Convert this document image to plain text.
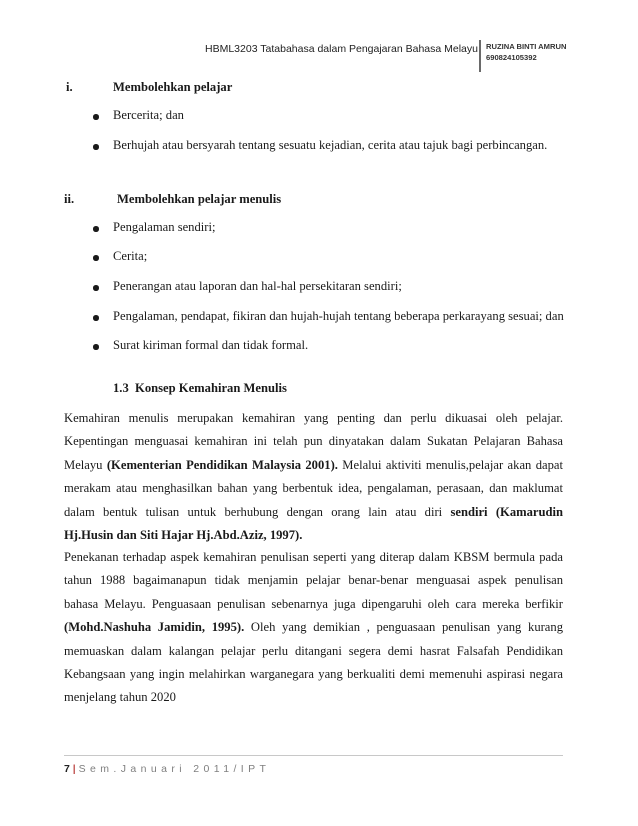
HBML3203 Tatabahasa dalam Pengajaran Bahasa Melayu RUZINA BINTI AMRUN
690824105392
i.	Membolehkan pelajar
Bercerita; dan
Berhujah atau bersyarah tentang sesuatu kejadian, cerita atau tajuk bagi perbincangan.
ii.	Membolehkan pelajar menulis
Pengalaman sendiri;
Cerita;
Penerangan atau laporan dan hal-hal persekitaran sendiri;
Pengalaman, pendapat, fikiran dan hujah-hujah tentang beberapa perkarayang sesuai; dan
Surat kiriman formal dan tidak formal.
1.3 Konsep Kemahiran Menulis
Kemahiran menulis merupakan kemahiran yang penting dan perlu dikuasai oleh pelajar.
Kepentingan menguasai kemahiran ini telah pun dinyatakan dalam Sukatan Pelajaran Bahasa
Melayu (Kementerian Pendidikan Malaysia 2001). Melalui aktiviti menulis,pelajar akan dapat
merakam atau menghasilkan bahan yang berbentuk idea, pengalaman, perasaan, dan maklumat
dalam bentuk tulisan untuk berhubung dengan orang lain atau diri sendiri (Kamarudin
Hj.Husin dan Siti Hajar Hj.Abd.Aziz, 1997).
Penekanan terhadap aspek kemahiran penulisan seperti yang diterap dalam KBSM bermula pada
tahun 1988 bagaimanapun tidak menjamin pelajar benar-benar menguasai aspek penulisan
bahasa Melayu. Penguasaan penulisan sebenarnya juga dipengaruhi oleh cara mereka berfikir
(Mohd.Nashuha Jamidin, 1995). Oleh yang demikian , penguasaan penulisan yang kurang
memuaskan dalam kalangan pelajar perlu ditangani segera demi hasrat Falsafah Pendidikan
Kebangsaan yang ingin melahirkan warganegara yang berkualiti demi memenuhi aspirasi negara
menjelang tahun 2020
7 | Sem.Januari 2011/IPT
